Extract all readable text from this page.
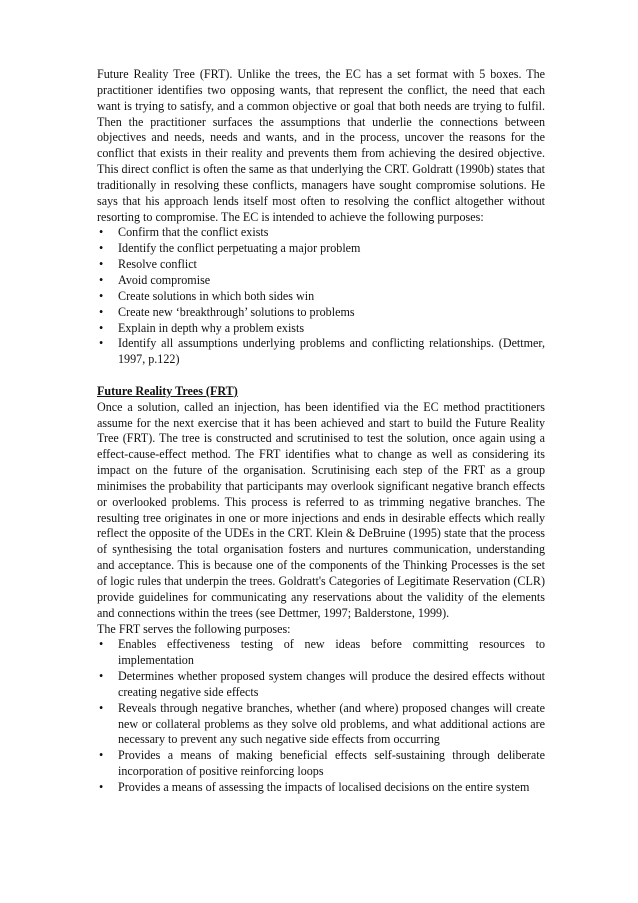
Future Reality Tree (FRT). Unlike the trees, the EC has a set format with 5 boxes. The practitioner identifies two opposing wants, that represent the conflict, the need that each want is trying to satisfy, and a common objective or goal that both needs are trying to fulfil. Then the practitioner surfaces the assumptions that underlie the connections between objectives and needs, needs and wants, and in the process, uncover the reasons for the conflict that exists in their reality and prevents them from achieving the desired objective. This direct conflict is often the same as that underlying the CRT. Goldratt (1990b) states that traditionally in resolving these conflicts, managers have sought compromise solutions. He says that his approach lends itself most often to resolving the conflict altogether without resorting to compromise. The EC is intended to achieve the following purposes:

• Confirm that the conflict exists
• Identify the conflict perpetuating a major problem
• Resolve conflict
• Avoid compromise
• Create solutions in which both sides win
• Create new ‘breakthrough’ solutions to problems
• Explain in depth why a problem exists
• Identify all assumptions underlying problems and conflicting relationships. (Dettmer, 1997, p.122)

Future Reality Trees (FRT)

Once a solution, called an injection, has been identified via the EC method practitioners assume for the next exercise that it has been achieved and start to build the Future Reality Tree (FRT). The tree is constructed and scrutinised to test the solution, once again using a effect-cause-effect method. The FRT identifies what to change as well as considering its impact on the future of the organisation. Scrutinising each step of the FRT as a group minimises the probability that participants may overlook significant negative branch effects or overlooked problems. This process is referred to as trimming negative branches. The resulting tree originates in one or more injections and ends in desirable effects which really reflect the opposite of the UDEs in the CRT. Klein & DeBruine (1995) state that the process of synthesising the total organisation fosters and nurtures communication, understanding and acceptance. This is because one of the components of the Thinking Processes is the set of logic rules that underpin the trees. Goldratt's Categories of Legitimate Reservation (CLR) provide guidelines for communicating any reservations about the validity of the elements and connections within the trees (see Dettmer, 1997; Balderstone, 1999).

The FRT serves the following purposes:

• Enables effectiveness testing of new ideas before committing resources to implementation
• Determines whether proposed system changes will produce the desired effects without creating negative side effects
• Reveals through negative branches, whether (and where) proposed changes will create new or collateral problems as they solve old problems, and what additional actions are necessary to prevent any such negative side effects from occurring
• Provides a means of making beneficial effects self-sustaining through deliberate incorporation of positive reinforcing loops
• Provides a means of assessing the impacts of localised decisions on the entire system
